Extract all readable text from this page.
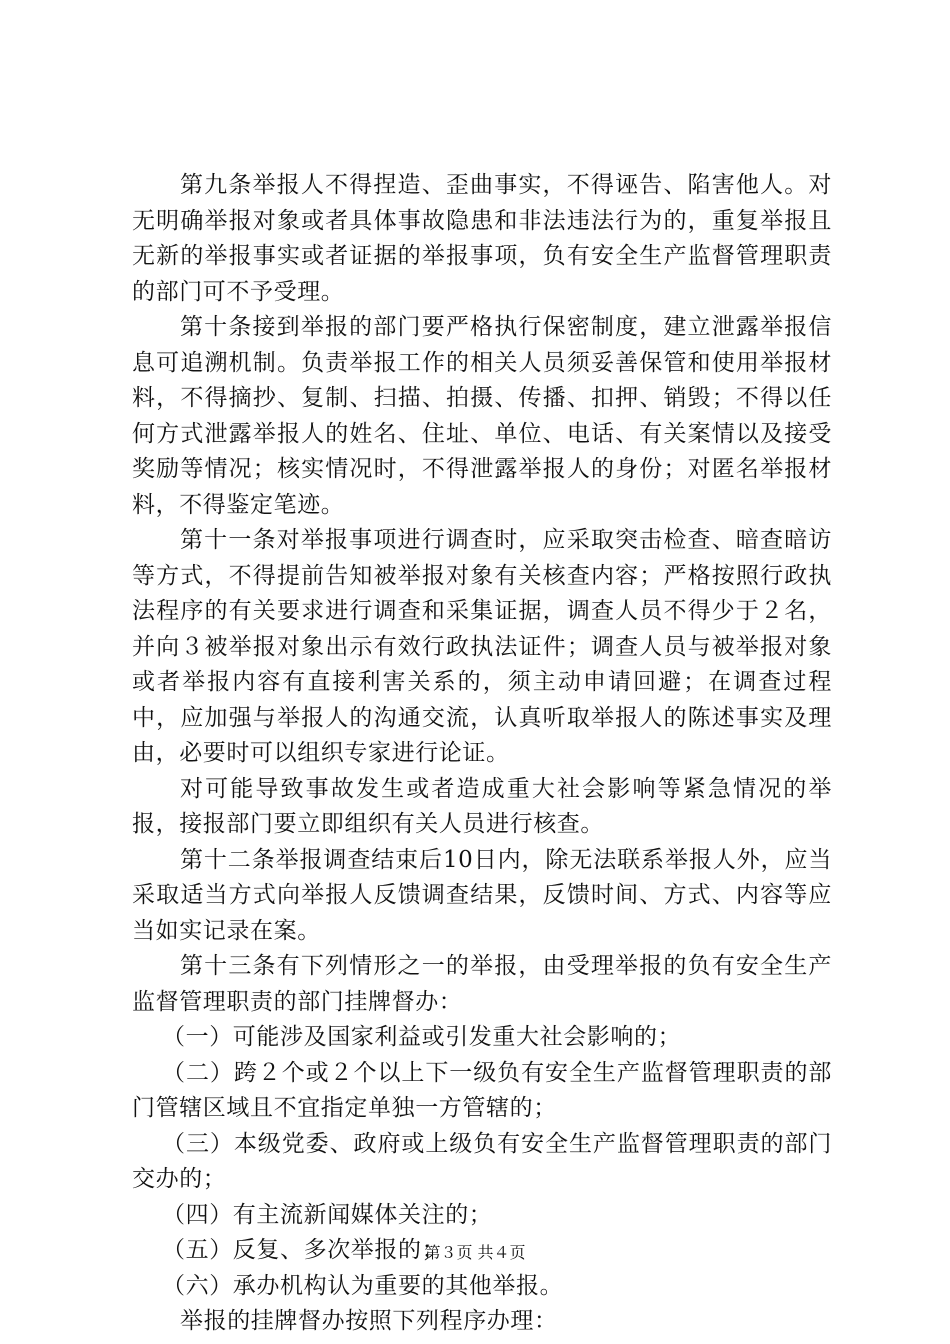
第九条举报人不得捏造、歪曲事实，不得诬告、陷害他人。对无明确举报对象或者具体事故隐患和非法违法行为的，重复举报且无新的举报事实或者证据的举报事项，负有安全生产监督管理职责的部门可不予受理。

第十条接到举报的部门要严格执行保密制度，建立泄露举报信息可追溯机制。负责举报工作的相关人员须妥善保管和使用举报材料，不得摘抄、复制、扫描、拍摄、传播、扣押、销毁；不得以任何方式泄露举报人的姓名、住址、单位、电话、有关案情以及接受奖励等情况；核实情况时，不得泄露举报人的身份；对匿名举报材料，不得鉴定笔迹。

第十一条对举报事项进行调查时，应采取突击检查、暗查暗访等方式，不得提前告知被举报对象有关核查内容；严格按照行政执法程序的有关要求进行调查和采集证据，调查人员不得少于２名，并向３被举报对象出示有效行政执法证件；调查人员与被举报对象或者举报内容有直接利害关系的，须主动申请回避；在调查过程中，应加强与举报人的沟通交流，认真听取举报人的陈述事实及理由，必要时可以组织专家进行论证。

对可能导致事故发生或者造成重大社会影响等紧急情况的举报，接报部门要立即组织有关人员进行核查。

第十二条举报调查结束后10日内，除无法联系举报人外，应当采取适当方式向举报人反馈调查结果，反馈时间、方式、内容等应当如实记录在案。

第十三条有下列情形之一的举报，由受理举报的负有安全生产监督管理职责的部门挂牌督办：

（一）可能涉及国家利益或引发重大社会影响的；

（二）跨２个或２个以上下一级负有安全生产监督管理职责的部门管辖区域且不宜指定单独一方管辖的；

（三）本级党委、政府或上级负有安全生产监督管理职责的部门交办的；

（四）有主流新闻媒体关注的；

（五）反复、多次举报的；

（六）承办机构认为重要的其他举报。

举报的挂牌督办按照下列程序办理：

第３页 共４页
